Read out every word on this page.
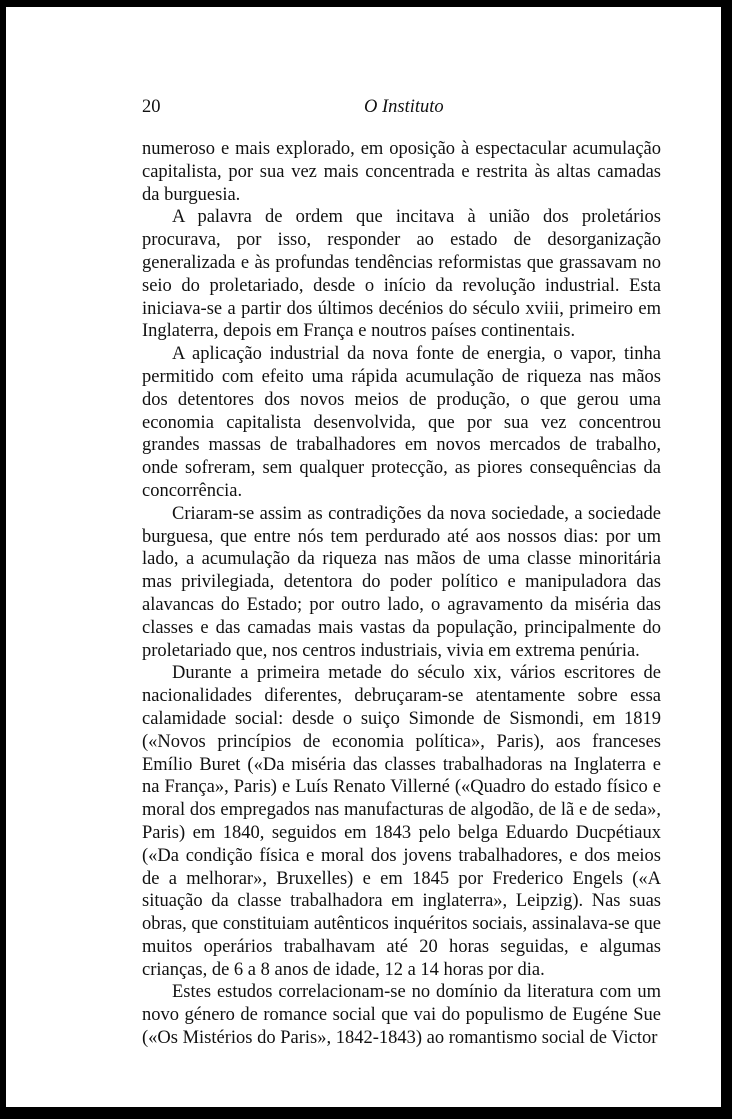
20	O Instituto

numeroso e mais explorado, em oposição à espectacular acumulação capitalista, por sua vez mais concentrada e restrita às altas camadas da burguesia.

A palavra de ordem que incitava à união dos proletários procurava, por isso, responder ao estado de desorganização generalizada e às profundas tendências reformistas que grassavam no seio do proletariado, desde o início da revolução industrial. Esta iniciava-se a partir dos últimos decénios do século xviii, primeiro em Inglaterra, depois em França e noutros países continentais.

A aplicação industrial da nova fonte de energia, o vapor, tinha permitido com efeito uma rápida acumulação de riqueza nas mãos dos detentores dos novos meios de produção, o que gerou uma economia capitalista desenvolvida, que por sua vez concentrou grandes massas de trabalhadores em novos mercados de trabalho, onde sofreram, sem qualquer protecção, as piores consequências da concorrência.

Criaram-se assim as contradições da nova sociedade, a sociedade burguesa, que entre nós tem perdurado até aos nossos dias: por um lado, a acumulação da riqueza nas mãos de uma classe minoritária mas privilegiada, detentora do poder político e manipuladora das alavancas do Estado; por outro lado, o agravamento da miséria das classes e das camadas mais vastas da população, principalmente do proletariado que, nos centros industriais, vivia em extrema penúria.

Durante a primeira metade do século xix, vários escritores de nacionalidades diferentes, debruçaram-se atentamente sobre essa calamidade social: desde o suiço Simonde de Sismondi, em 1819 («Novos princípios de economia política», Paris), aos franceses Emílio Buret («Da miséria das classes trabalhadoras na Inglaterra e na França», Paris) e Luís Renato Villerné («Quadro do estado físico e moral dos empregados nas manufacturas de algodão, de lã e de seda», Paris) em 1840, seguidos em 1843 pelo belga Eduardo Ducpétiaux («Da condição física e moral dos jovens trabalhadores, e dos meios de a melhorar», Bruxelles) e em 1845 por Frederico Engels («A situação da classe trabalhadora em inglaterra», Leipzig). Nas suas obras, que constituiam autênticos inquéritos sociais, assinalava-se que muitos operários trabalhavam até 20 horas seguidas, e algumas crianças, de 6 a 8 anos de idade, 12 a 14 horas por dia.

Estes estudos correlacionam-se no domínio da literatura com um novo género de romance social que vai do populismo de Eugéne Sue («Os Mistérios do Paris», 1842-1843) ao romantismo social de Victor
